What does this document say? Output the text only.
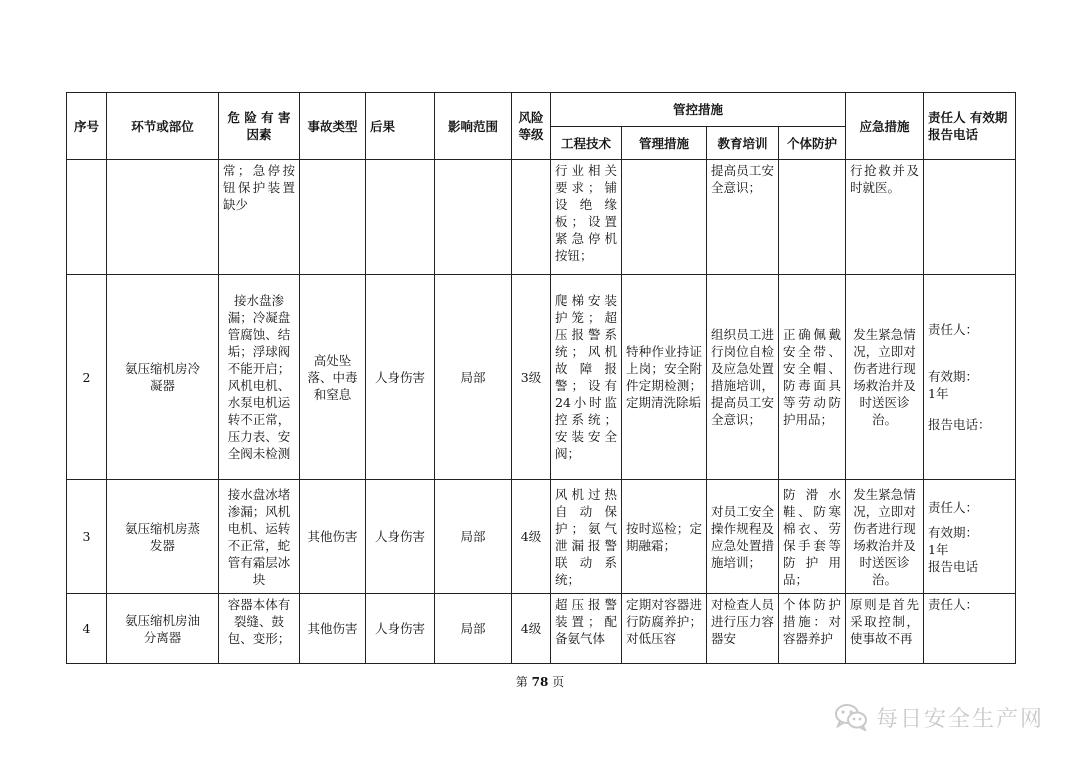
序号	环节或部位	危 险 有 害 因素	事故类型	后果	影响范围	风险 等级	管控措施				应急措施	责任人 有效期 报告电话
							工程技术	管理措施	教育培训	个体防护		
		常；急停按钮保护装置缺少					行业相关要求；铺设绝缘板；设置紧急停机按钮；		提高员工安全意识；		行抢救并及时就医。	
2	氨压缩机房冷凝器	接水盘渗漏；冷凝盘管腐蚀、结垢；浮球阀不能开启；风机电机、水泵电机运转不正常，压力表、安全阀未检测	高处坠落、中毒和窒息	人身伤害	局部	3级	爬梯安装护笼；超压报警系统；风机故障报警；设有24小时监控系统；安装安全阀；	特种作业持证上岗；安全附件定期检测；定期清洗除垢	组织员工进行岗位自检及应急处置措施培训，提高员工安全意识；	正确佩戴安全带、安全帽、防毒面具等劳动防护用品；	发生紧急情况，立即对伤者进行现场救治并及时送医诊治。	责任人：
有效期：
1年
报告电话：

3	氨压缩机房蒸发器	接水盘冰堵渗漏；风机电机、运转不正常，蛇管有霜层冰块	其他伤害	人身伤害	局部	4级	风机过热自动保护；氨气泄漏报警联动系统；	按时巡检；定期融霜；	对员工安全操作规程及应急处置措施培训；	防滑水鞋、防寒棉衣、劳保手套等防护用品；	发生紧急情况，立即对伤者进行现场救治并及时送医诊治。	责任人：
有效期：
1年
报告电话

4	氨压缩机房油分离器	容器本体有裂缝、鼓包、变形；	其他伤害	人身伤害	局部	4级	超压报警装置；配备氨气体	定期对容器进行防腐养护；对低压容	对检查人员进行压力容器安	个体防护措施：对容器养护	原则是首先采取控制，使事故不再	责任人：
第 78 页
每日安全生产网
